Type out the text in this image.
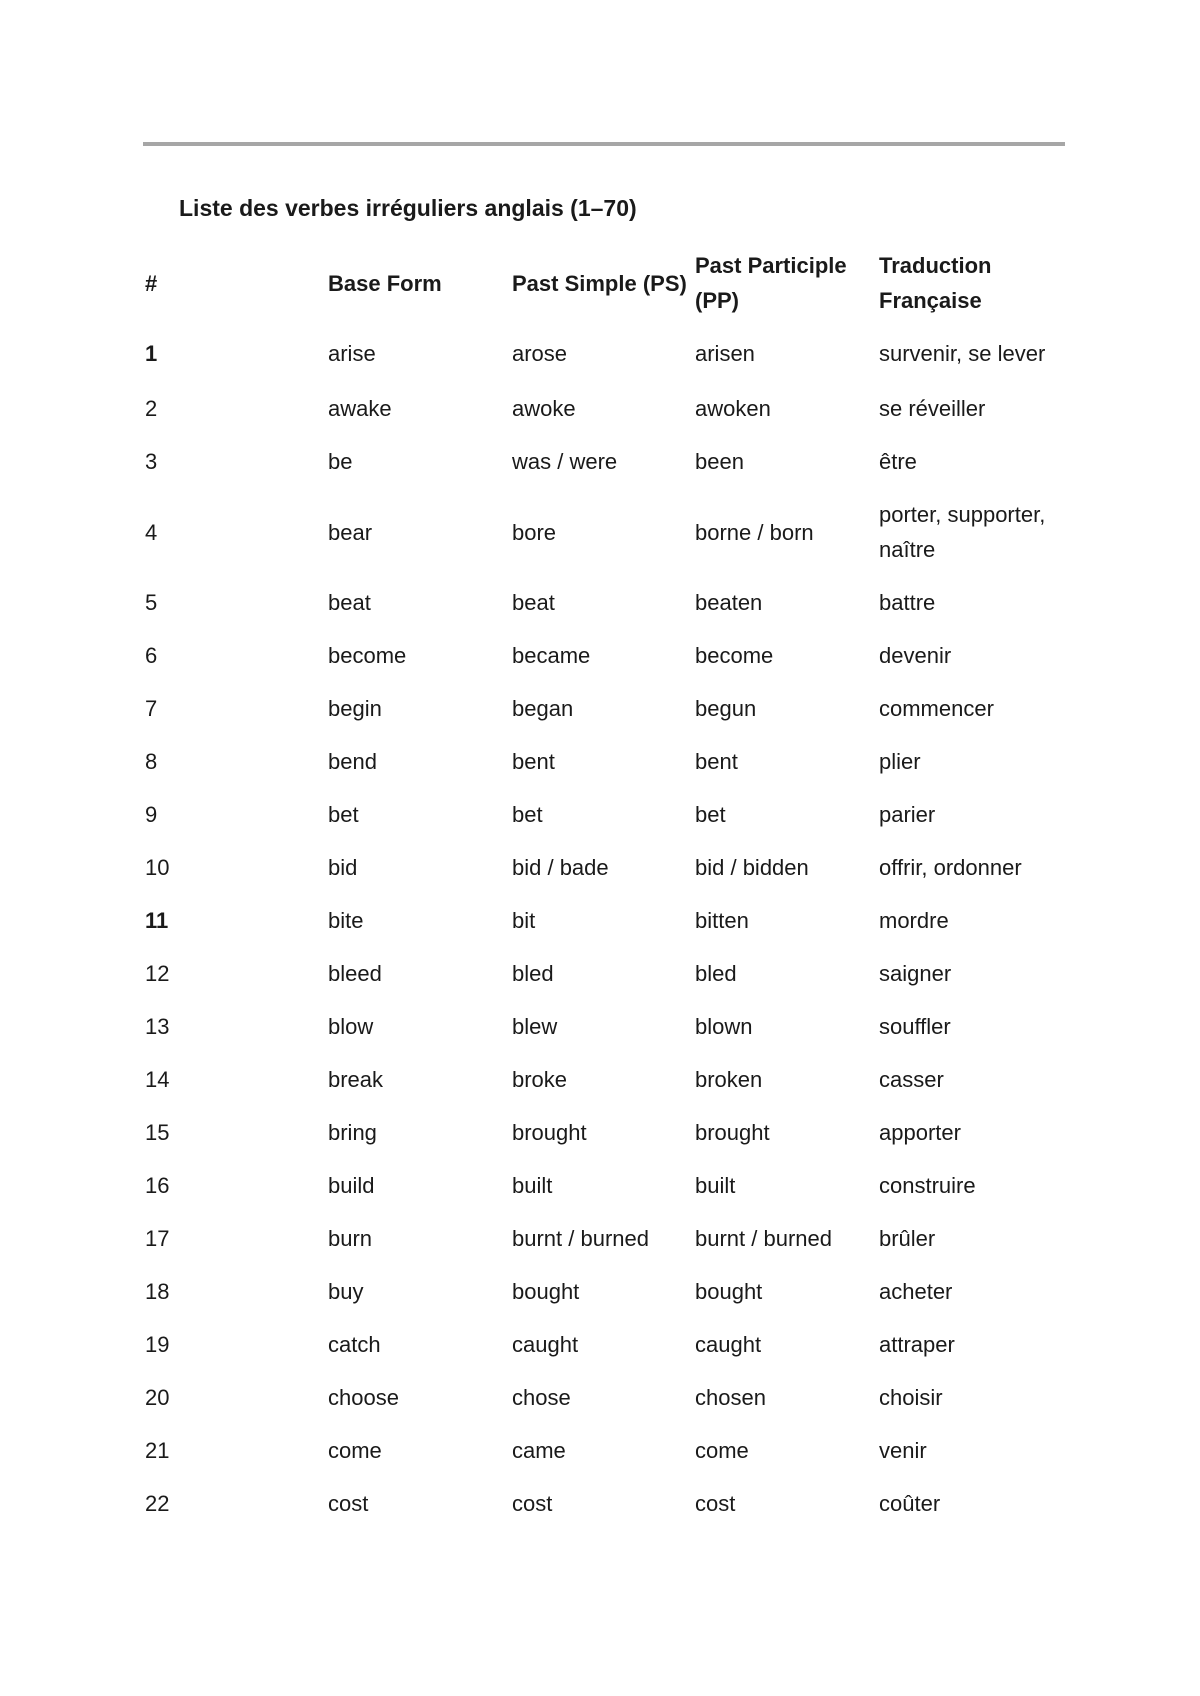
Liste des verbes irréguliers anglais (1–70)
#	Base Form	Past Simple (PS)	Past Participle (PP)	Traduction Française
1	arise	arose	arisen	survenir, se lever
2	awake	awoke	awoken	se réveiller
3	be	was / were	been	être
4	bear	bore	borne / born	porter, supporter, naître
5	beat	beat	beaten	battre
6	become	became	become	devenir
7	begin	began	begun	commencer
8	bend	bent	bent	plier
9	bet	bet	bet	parier
10	bid	bid / bade	bid / bidden	offrir, ordonner
11	bite	bit	bitten	mordre
12	bleed	bled	bled	saigner
13	blow	blew	blown	souffler
14	break	broke	broken	casser
15	bring	brought	brought	apporter
16	build	built	built	construire
17	burn	burnt / burned	burnt / burned	brûler
18	buy	bought	bought	acheter
19	catch	caught	caught	attraper
20	choose	chose	chosen	choisir
21	come	came	come	venir
22	cost	cost	cost	coûter
